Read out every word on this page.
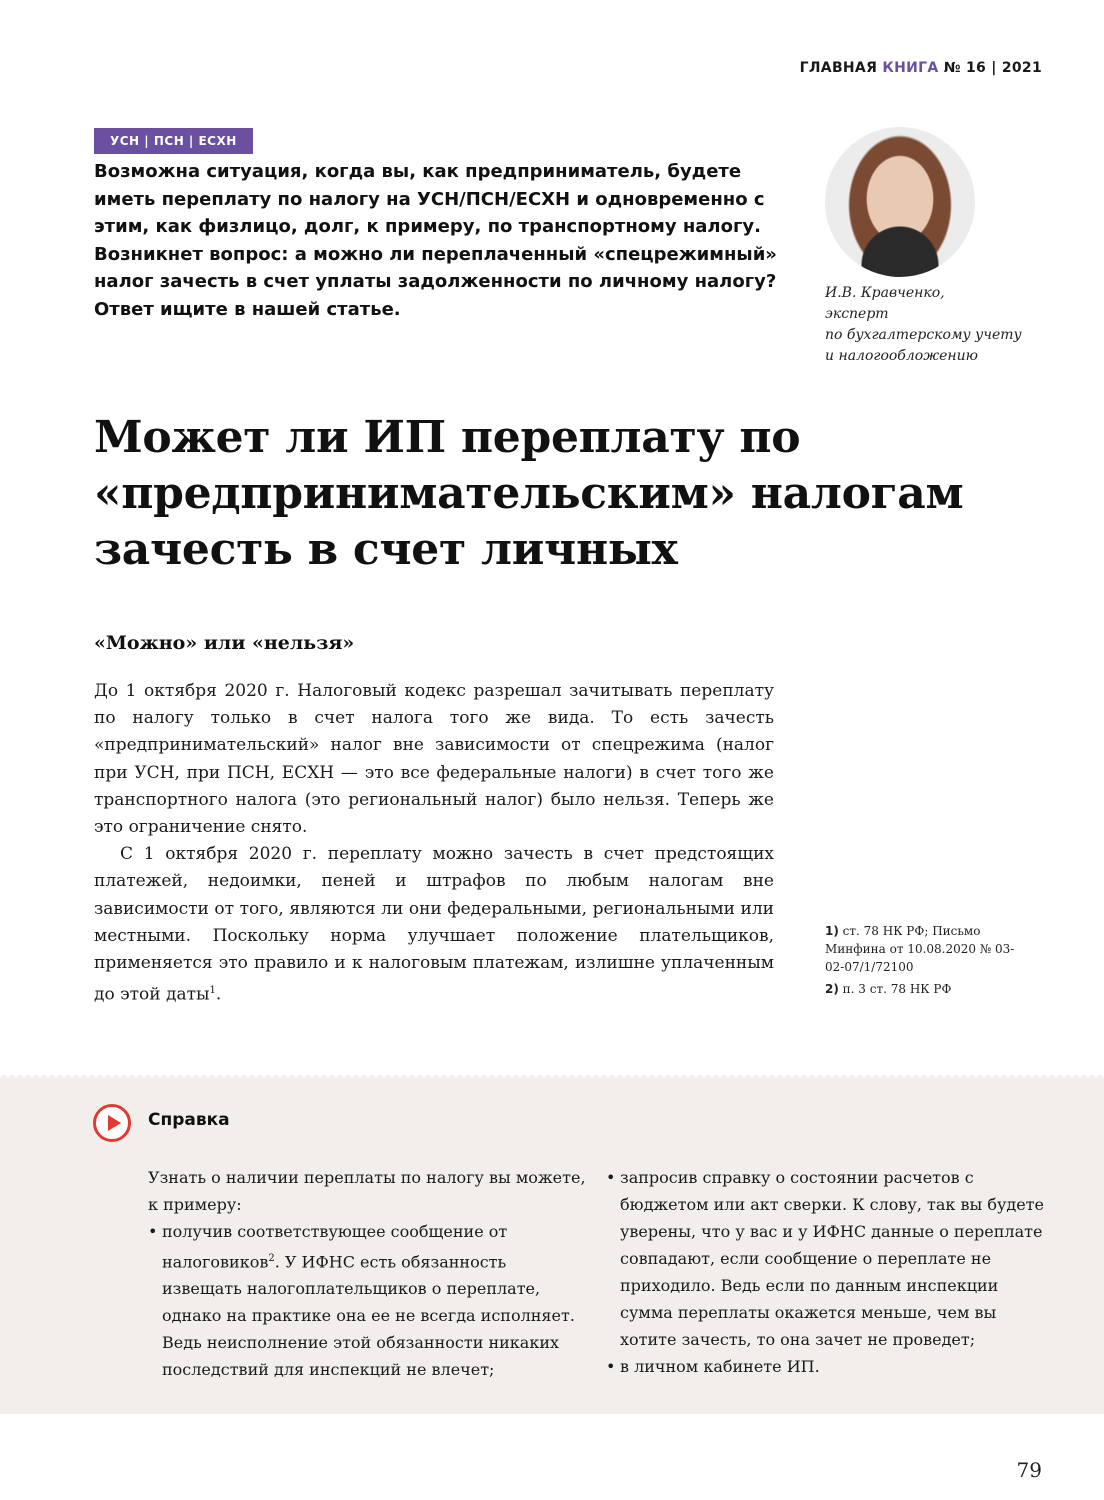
ГЛАВНАЯ КНИГА № 16 | 2021
УСН | ПСН | ЕСХН
Возможна ситуация, когда вы, как предприниматель, будете иметь переплату по налогу на УСН/ПСН/ЕСХН и одновременно с этим, как физлицо, долг, к примеру, по транспортному налогу. Возникнет вопрос: а можно ли переплаченный «спецрежимный» налог зачесть в счет уплаты задолженности по личному налогу? Ответ ищите в нашей статье.
И.В. Кравченко,
эксперт
по бухгалтерскому учету
и налогообложению
Может ли ИП переплату по «предпринимательским» налогам зачесть в счет личных
«Можно» или «нельзя»

До 1 октября 2020 г. Налоговый кодекс разрешал зачитывать переплату по налогу только в счет налога того же вида. То есть зачесть «предпринимательский» налог вне зависимости от спецрежима (налог при УСН, при ПСН, ЕСХН — это все федеральные налоги) в счет того же транспортного налога (это региональный налог) было нельзя. Теперь же это ограничение снято.

С 1 октября 2020 г. переплату можно зачесть в счет предстоящих платежей, недоимки, пеней и штрафов по любым налогам вне зависимости от того, являются ли они федеральными, региональными или местными. Поскольку норма улучшает положение плательщиков, применяется это правило и к налоговым платежам, излишне уплаченным до этой даты$^1$.

1) ст. 78 НК РФ; Письмо Минфина от 10.08.2020 № 03-02-07/1/72100
2) п. 3 ст. 78 НК РФ
Справка
Узнать о наличии переплаты по налогу вы можете, к примеру:
• получив соответствующее сообщение от налоговиков$^2$. У ИФНС есть обязанность извещать налогоплательщиков о переплате, однако на практике она ее не всегда исполняет. Ведь неисполнение этой обязанности никаких последствий для инспекций не влечет;
• запросив справку о состоянии расчетов с бюджетом или акт сверки. К слову, так вы будете уверены, что у вас и у ИФНС данные о переплате совпадают, если сообщение о переплате не приходило. Ведь если по данным инспекции сумма переплаты окажется меньше, чем вы хотите зачесть, то она зачет не проведет;
• в личном кабинете ИП.
79
